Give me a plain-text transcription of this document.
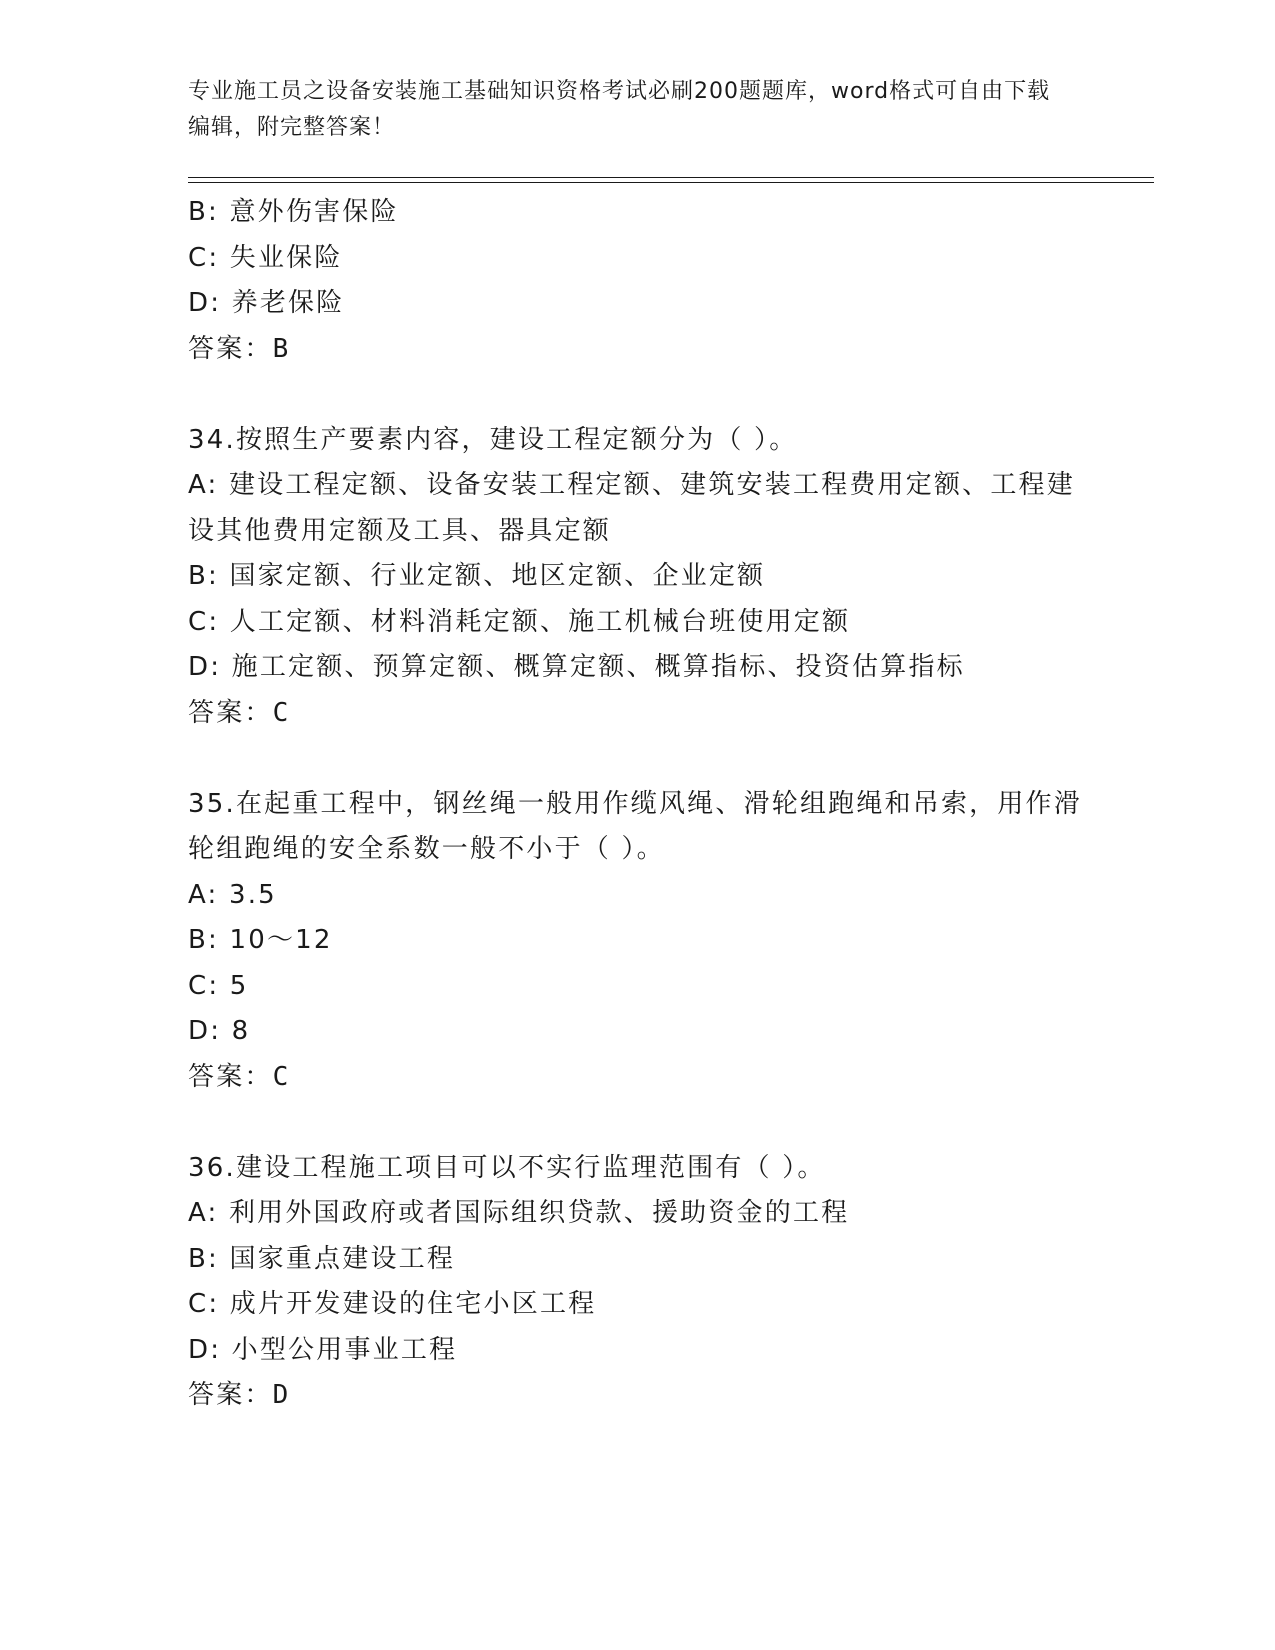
专业施工员之设备安装施工基础知识资格考试必刷200题题库，word格式可自由下载编辑，附完整答案！
B: 意外伤害保险
C: 失业保险
D: 养老保险
答案：B
34.按照生产要素内容，建设工程定额分为（ ）。
A: 建设工程定额、设备安装工程定额、建筑安装工程费用定额、工程建设其他费用定额及工具、器具定额
B: 国家定额、行业定额、地区定额、企业定额
C: 人工定额、材料消耗定额、施工机械台班使用定额
D: 施工定额、预算定额、概算定额、概算指标、投资估算指标
答案：C
35.在起重工程中，钢丝绳一般用作缆风绳、滑轮组跑绳和吊索，用作滑轮组跑绳的安全系数一般不小于（ ）。
A: 3.5
B: 10～12
C: 5
D: 8
答案：C
36.建设工程施工项目可以不实行监理范围有（ ）。
A: 利用外国政府或者国际组织贷款、援助资金的工程
B: 国家重点建设工程
C: 成片开发建设的住宅小区工程
D: 小型公用事业工程
答案：D
